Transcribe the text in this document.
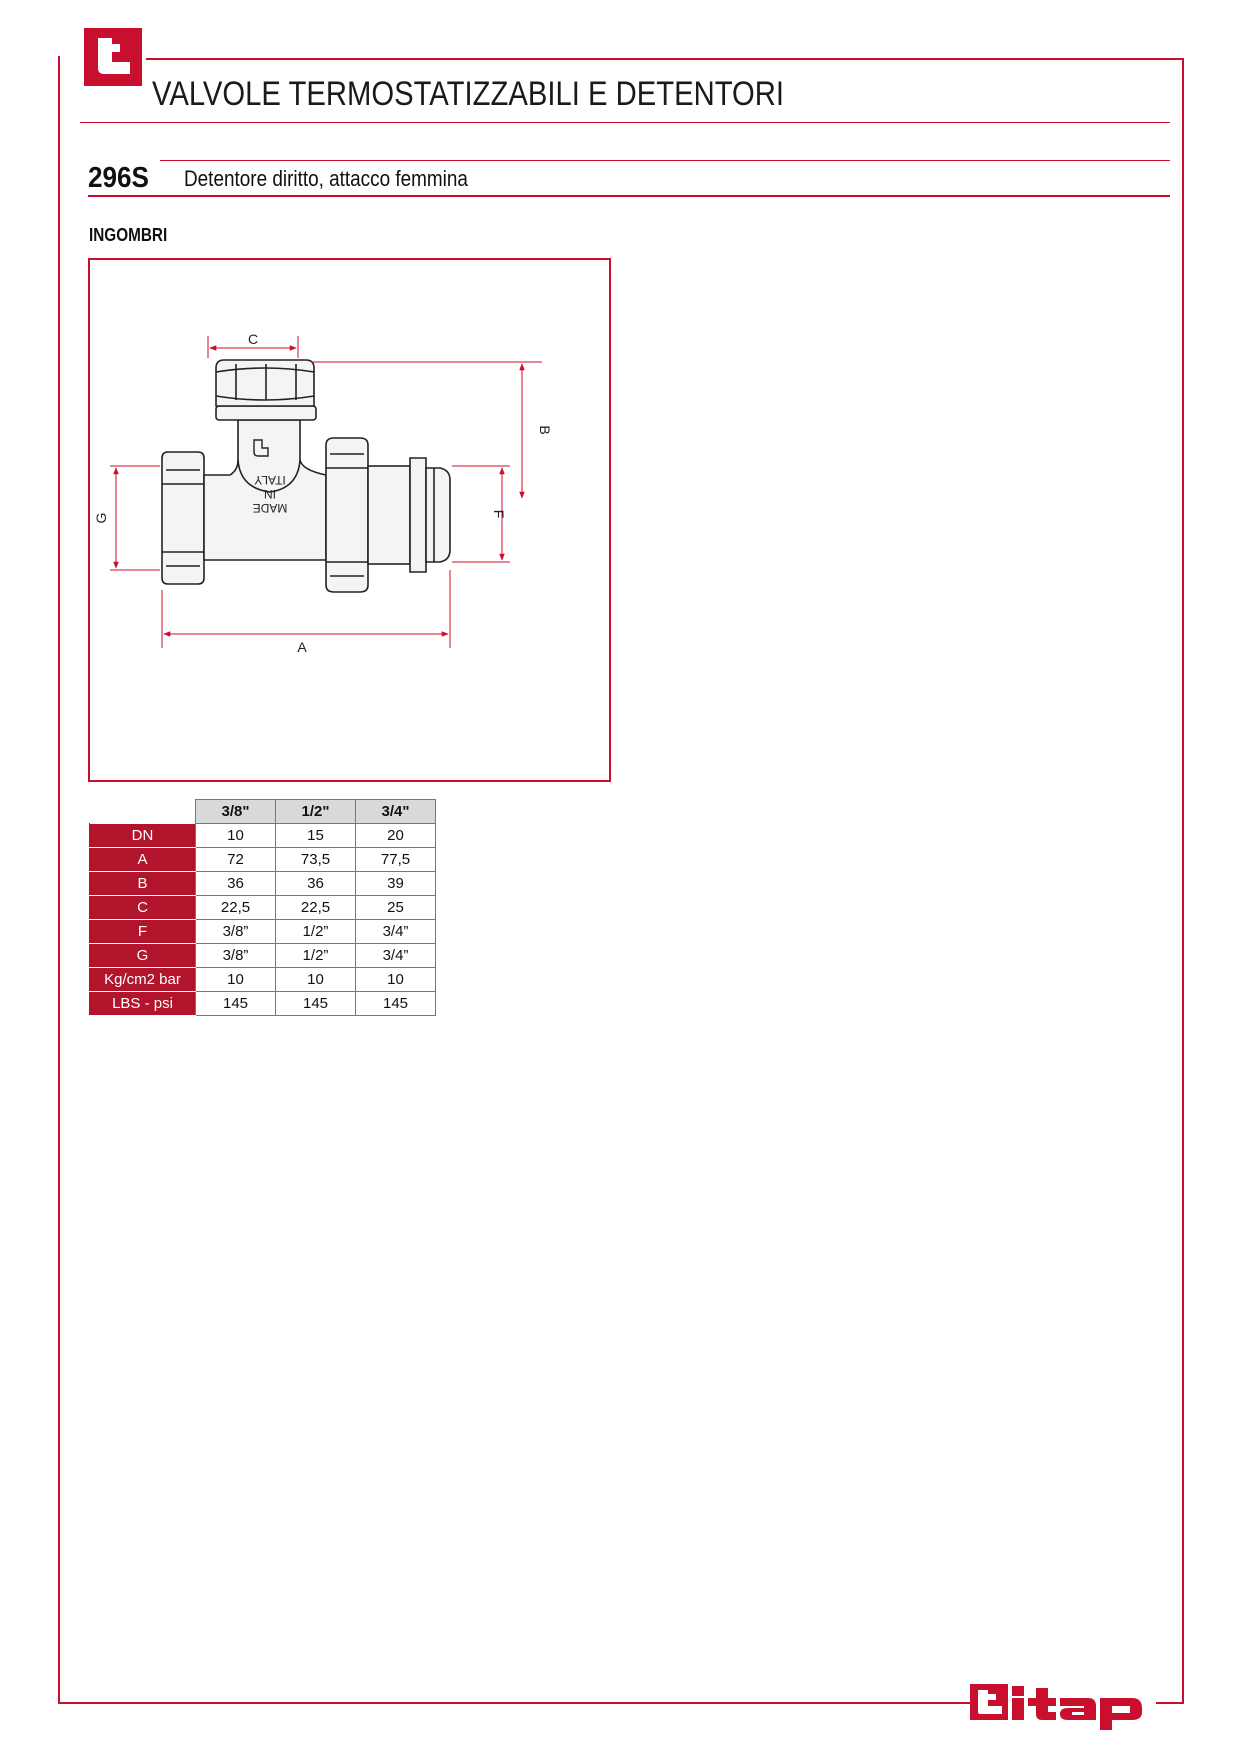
VALVOLE TERMOSTATIZZABILI E DETENTORI
296S Detentore diritto, attacco femmina
INGOMBRI
MADE
IN
ITALY
C
A
B
F
G
	3/8"	1/2"	3/4"
DN	10	15	20
A	72	73,5	77,5
B	36	36	39
C	22,5	22,5	25
F	3/8”	1/2”	3/4”
G	3/8”	1/2”	3/4”
Kg/cm2 bar	10	10	10
LBS - psi	145	145	145
